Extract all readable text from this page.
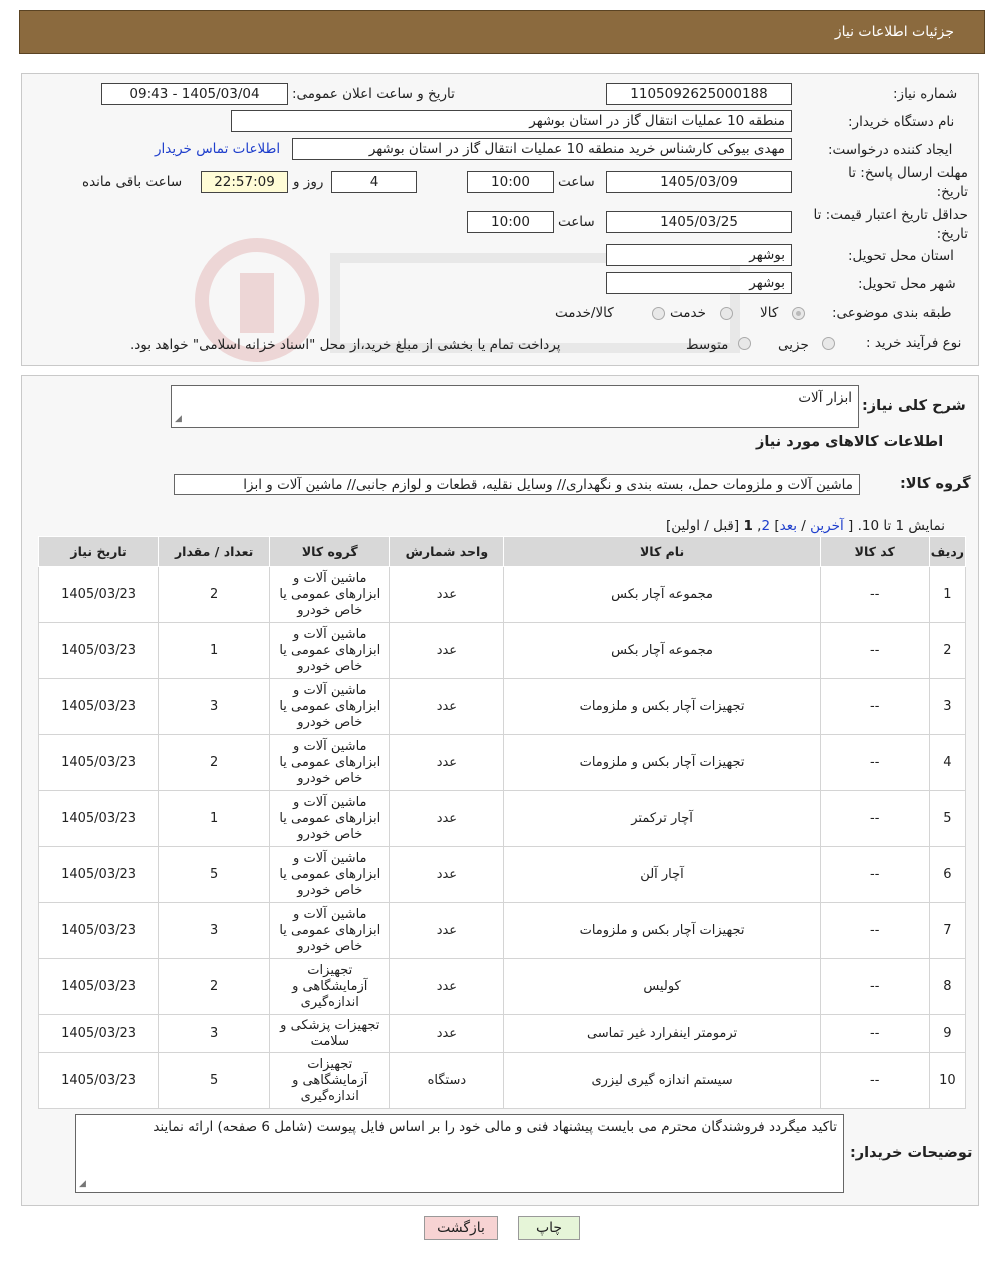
جزئیات اطلاعات نیاز
شماره نیاز:
1105092625000188
تاریخ و ساعت اعلان عمومی:
1405/03/04 - 09:43
نام دستگاه خریدار:
منطقه 10 عملیات انتقال گاز در استان بوشهر
ایجاد کننده درخواست:
مهدی بیوکی کارشناس خرید منطقه 10 عملیات انتقال گاز در استان بوشهر
اطلاعات تماس خریدار
مهلت ارسال پاسخ: تا تاریخ:
1405/03/09
ساعت
10:00
4
روز و
22:57:09
ساعت باقی مانده
حداقل تاریخ اعتبار قیمت: تا تاریخ:
1405/03/25
ساعت
10:00
استان محل تحویل:
بوشهر
شهر محل تحویل:
بوشهر
طبقه بندی موضوعی:
کالا
خدمت
کالا/خدمت
نوع فرآیند خرید :
جزیی
متوسط
پرداخت تمام یا بخشی از مبلغ خرید،از محل "اسناد خزانه اسلامی" خواهد بود.
شرح کلی نیاز:
ابزار آلات
◢
اطلاعات کالاهای مورد نیاز
گروه کالا:
ماشین آلات و ملزومات حمل، بسته بندی و نگهداری// وسایل نقلیه، قطعات و لوازم جانبی// ماشین آلات و ابزا
نمایش 1 تا 10. [ آخرین / بعد] 2, 1 [قبل / اولین]
ردیف	کد کالا	نام کالا	واحد شمارش	گروه کالا	تعداد / مقدار	تاریخ نیاز
1	--	مجموعه آچار بکس	عدد	ماشین آلات و ابزارهای عمومی یا خاص خودرو	2	1405/03/23
2	--	مجموعه آچار بکس	عدد	ماشین آلات و ابزارهای عمومی یا خاص خودرو	1	1405/03/23
3	--	تجهیزات آچار بکس و ملزومات	عدد	ماشین آلات و ابزارهای عمومی یا خاص خودرو	3	1405/03/23
4	--	تجهیزات آچار بکس و ملزومات	عدد	ماشین آلات و ابزارهای عمومی یا خاص خودرو	2	1405/03/23
5	--	آچار ترکمتر	عدد	ماشین آلات و ابزارهای عمومی یا خاص خودرو	1	1405/03/23
6	--	آچار آلن	عدد	ماشین آلات و ابزارهای عمومی یا خاص خودرو	5	1405/03/23
7	--	تجهیزات آچار بکس و ملزومات	عدد	ماشین آلات و ابزارهای عمومی یا خاص خودرو	3	1405/03/23
8	--	کولیس	عدد	تجهیزات آزمایشگاهی و اندازه‌گیری	2	1405/03/23
9	--	ترمومتر اینفرارد غیر تماسی	عدد	تجهیزات پزشکی و سلامت	3	1405/03/23
10	--	سیستم اندازه گیری لیزری	دستگاه	تجهیزات آزمایشگاهی و اندازه‌گیری	5	1405/03/23
توضیحات خریدار:
تاکید میگردد فروشندگان محترم می بایست پیشنهاد فنی و مالی خود را بر اساس فایل پیوست (شامل 6 صفحه) ارائه نمایند
◢
چاپ
بازگشت
